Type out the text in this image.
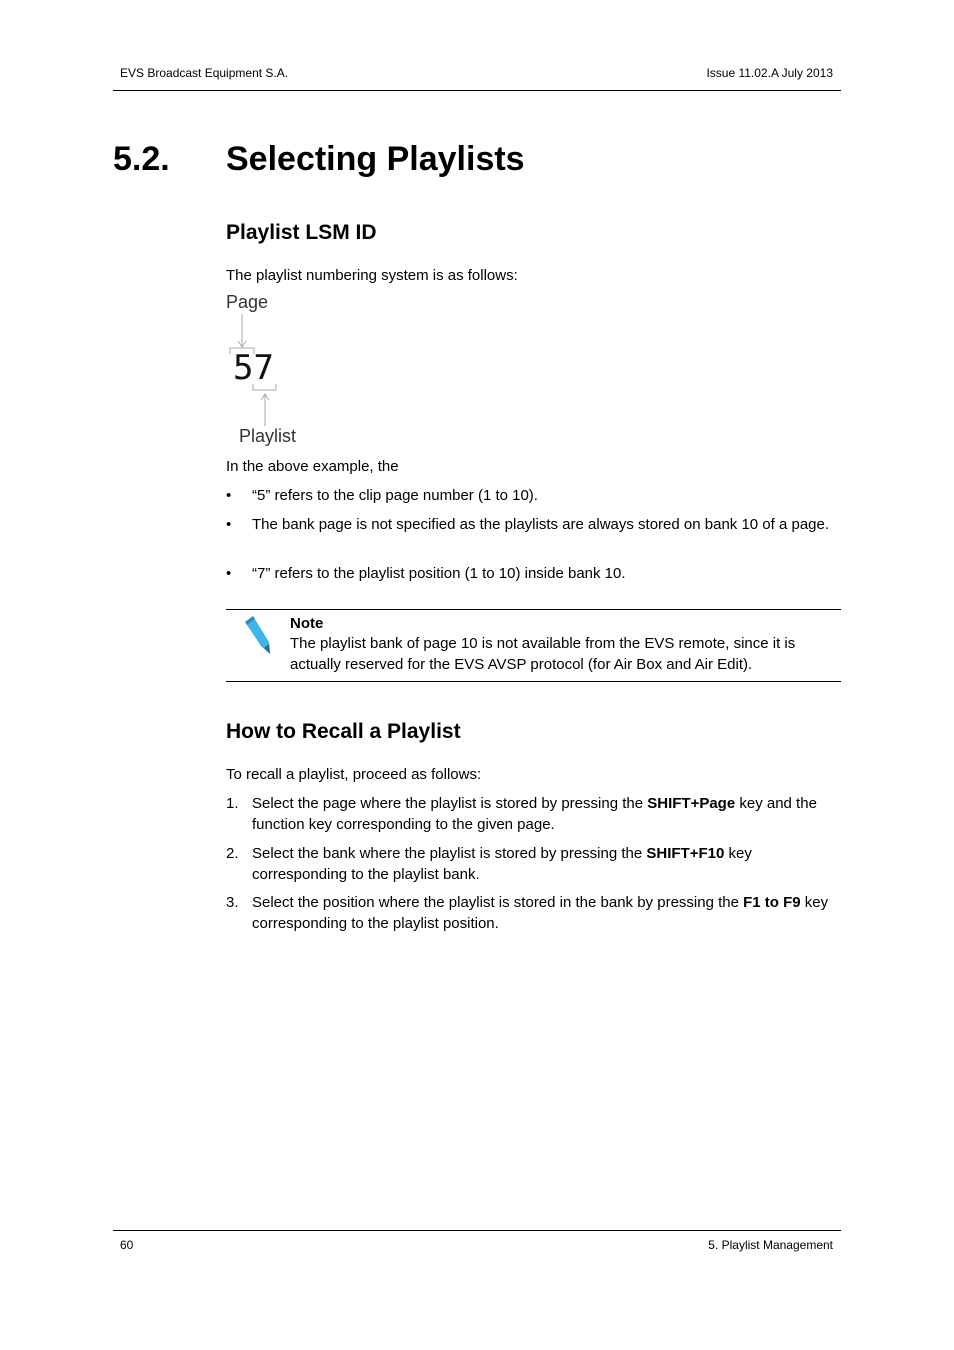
EVS Broadcast Equipment S.A.	Issue 11.02.A July 2013
5.2. Selecting Playlists
Playlist LSM ID
The playlist numbering system is as follows:
Page
57
Playlist
In the above example, the
• “5” refers to the clip page number (1 to 10).
• The bank page is not specified as the playlists are always stored on bank 10 of a page.
• “7” refers to the playlist position (1 to 10) inside bank 10.
Note
The playlist bank of page 10 is not available from the EVS remote, since it is actually reserved for the EVS AVSP protocol (for Air Box and Air Edit).
How to Recall a Playlist
To recall a playlist, proceed as follows:
1. Select the page where the playlist is stored by pressing the SHIFT+Page key and the function key corresponding to the given page.
2. Select the bank where the playlist is stored by pressing the SHIFT+F10 key corresponding to the playlist bank.
3. Select the position where the playlist is stored in the bank by pressing the F1 to F9 key corresponding to the playlist position.
60	5. Playlist Management
